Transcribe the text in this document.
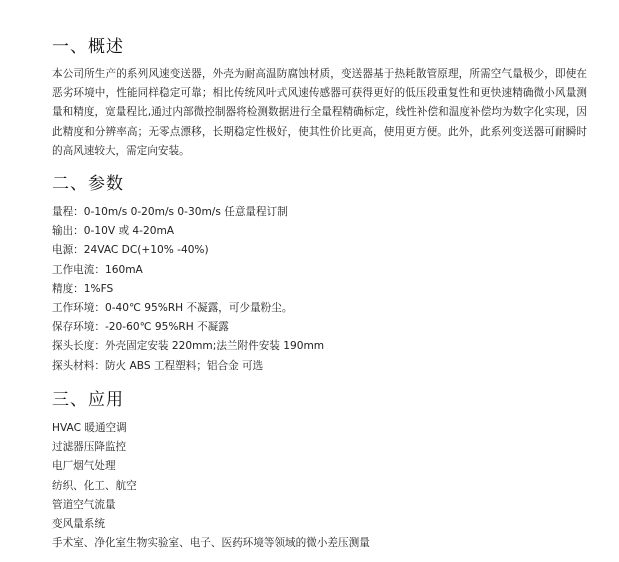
一、概述

本公司所生产的系列风速变送器，外壳为耐高温防腐蚀材质，变送器基于热耗散管原理，所需空气量极少，即使在恶劣环境中，性能同样稳定可靠；相比传统风叶式风速传感器可获得更好的低压段重复性和更快速精确微小风量测量和精度，宽量程比,通过内部微控制器将检测数据进行全量程精确标定，线性补偿和温度补偿均为数字化实现，因此精度和分辨率高；无零点漂移，长期稳定性极好，使其性价比更高，使用更方便。此外，此系列变送器可耐瞬时的高风速较大，需定向安装。

二、参数
量程：0-10m/s 0-20m/s 0-30m/s 任意量程订制
输出：0-10V 或 4-20mA
电源：24VAC DC(+10% -40%)
工作电流：160mA
精度：1%FS
工作环境：0-40℃ 95%RH 不凝露，可少量粉尘。
保存环境：-20-60℃ 95%RH 不凝露
探头长度：外壳固定安装 220mm;法兰附件安装 190mm
探头材料：防火 ABS 工程塑料；铝合金 可选
三、应用
HVAC 暖通空调
过滤器压降监控
电厂烟气处理
纺织、化工、航空
管道空气流量
变风量系统
手术室、净化室生物实验室、电子、医药环境等领域的微小差压测量
